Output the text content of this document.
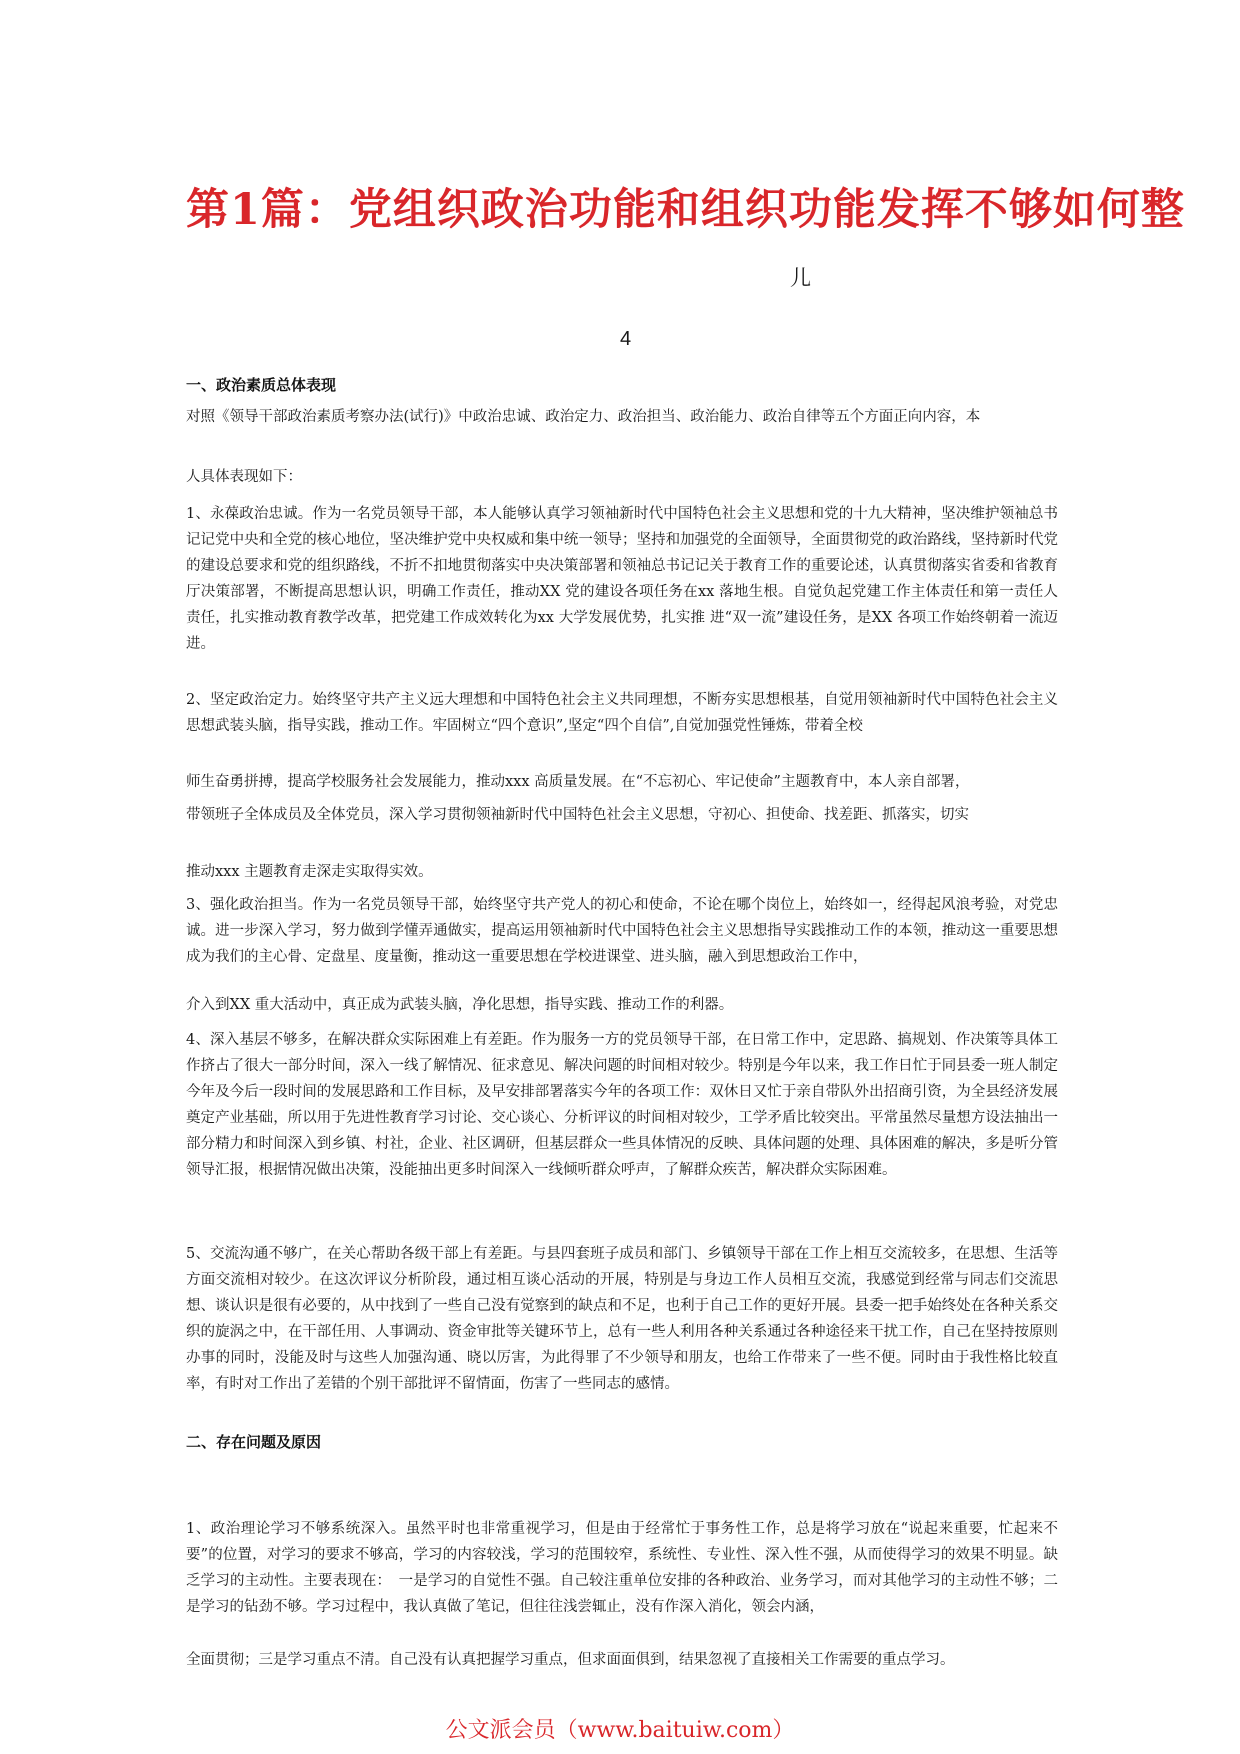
第1篇：党组织政治功能和组织功能发挥不够如何整
儿
4
一、政治素质总体表现

对照《领导干部政治素质考察办法(试行)》中政治忠诚、政治定力、政治担当、政治能力、政治自律等五个方面正向内容，本

人具体表现如下：

1、永葆政治忠诚。作为一名党员领导干部，本人能够认真学习领袖新时代中国特色社会主义思想和党的十九大精神，坚决维护领袖总书记记党中央和全党的核心地位，坚决维护党中央权威和集中统一领导；坚持和加强党的全面领导，全面贯彻党的政治路线，坚持新时代党的建设总要求和党的组织路线，不折不扣地贯彻落实中央决策部署和领袖总书记记关于教育工作的重要论述，认真贯彻落实省委和省教育厅决策部署，不断提高思想认识，明确工作责任，推动XX 党的建设各项任务在xx 落地生根。自觉负起党建工作主体责任和第一责任人责任，扎实推动教育教学改革，把党建工作成效转化为xx 大学发展优势，扎实推 进“双一流”建设任务，是XX 各项工作始终朝着一流迈进。

2、坚定政治定力。始终坚守共产主义远大理想和中国特色社会主义共同理想，不断夯实思想根基，自觉用领袖新时代中国特色社会主义思想武装头脑，指导实践，推动工作。牢固树立“四个意识”,坚定“四个自信”,自觉加强党性锤炼，带着全校

师生奋勇拼搏，提高学校服务社会发展能力，推动xxx 高质量发展。在“不忘初心、牢记使命”主题教育中，本人亲自部署，

带领班子全体成员及全体党员，深入学习贯彻领袖新时代中国特色社会主义思想，守初心、担使命、找差距、抓落实，切实

推动xxx 主题教育走深走实取得实效。

3、强化政治担当。作为一名党员领导干部，始终坚守共产党人的初心和使命，不论在哪个岗位上，始终如一，经得起风浪考验，对党忠诚。进一步深入学习，努力做到学懂弄通做实，提高运用领袖新时代中国特色社会主义思想指导实践推动工作的本领，推动这一重要思想成为我们的主心骨、定盘星、度量衡，推动这一重要思想在学校进课堂、进头脑，融入到思想政治工作中，

介入到XX 重大活动中，真正成为武装头脑，净化思想，指导实践、推动工作的利器。

4、深入基层不够多，在解决群众实际困难上有差距。作为服务一方的党员领导干部，在日常工作中，定思路、搞规划、作决策等具体工作挤占了很大一部分时间，深入一线了解情况、征求意见、解决问题的时间相对较少。特别是今年以来，我工作日忙于同县委一班人制定今年及今后一段时间的发展思路和工作目标，及早安排部署落实今年的各项工作：双休日又忙于亲自带队外出招商引资，为全县经济发展奠定产业基础，所以用于先进性教育学习讨论、交心谈心、分析评议的时间相对较少，工学矛盾比较突出。平常虽然尽量想方设法抽出一部分精力和时间深入到乡镇、村社，企业、社区调研，但基层群众一些具体情况的反映、具体问题的处理、具体困难的解决，多是听分管领导汇报，根据情况做出决策，没能抽出更多时间深入一线倾听群众呼声，了解群众疾苦，解决群众实际困难。

5、交流沟通不够广，在关心帮助各级干部上有差距。与县四套班子成员和部门、乡镇领导干部在工作上相互交流较多，在思想、生活等方面交流相对较少。在这次评议分析阶段，通过相互谈心活动的开展，特别是与身边工作人员相互交流，我感觉到经常与同志们交流思想、谈认识是很有必要的，从中找到了一些自己没有觉察到的缺点和不足，也利于自己工作的更好开展。县委一把手始终处在各种关系交织的旋涡之中，在干部任用、人事调动、资金审批等关键环节上，总有一些人利用各种关系通过各种途径来干扰工作，自己在坚持按原则办事的同时，没能及时与这些人加强沟通、晓以厉害，为此得罪了不少领导和朋友，也给工作带来了一些不便。同时由于我性格比较直率，有时对工作出了差错的个别干部批评不留情面，伤害了一些同志的感情。

二、存在问题及原因

1、政治理论学习不够系统深入。虽然平时也非常重视学习，但是由于经常忙于事务性工作，总是将学习放在“说起来重要，忙起来不要”的位置，对学习的要求不够高，学习的内容较浅，学习的范围较窄，系统性、专业性、深入性不强，从而使得学习的效果不明显。缺乏学习的主动性。主要表现在：　一是学习的自觉性不强。自己较注重单位安排的各种政治、业务学习，而对其他学习的主动性不够；二是学习的钻劲不够。学习过程中，我认真做了笔记，但往往浅尝辄止，没有作深入消化，领会内涵，

全面贯彻；三是学习重点不清。自己没有认真把握学习重点，但求面面俱到，结果忽视了直接相关工作需要的重点学习。

公文派会员（www.baituiw.com）
